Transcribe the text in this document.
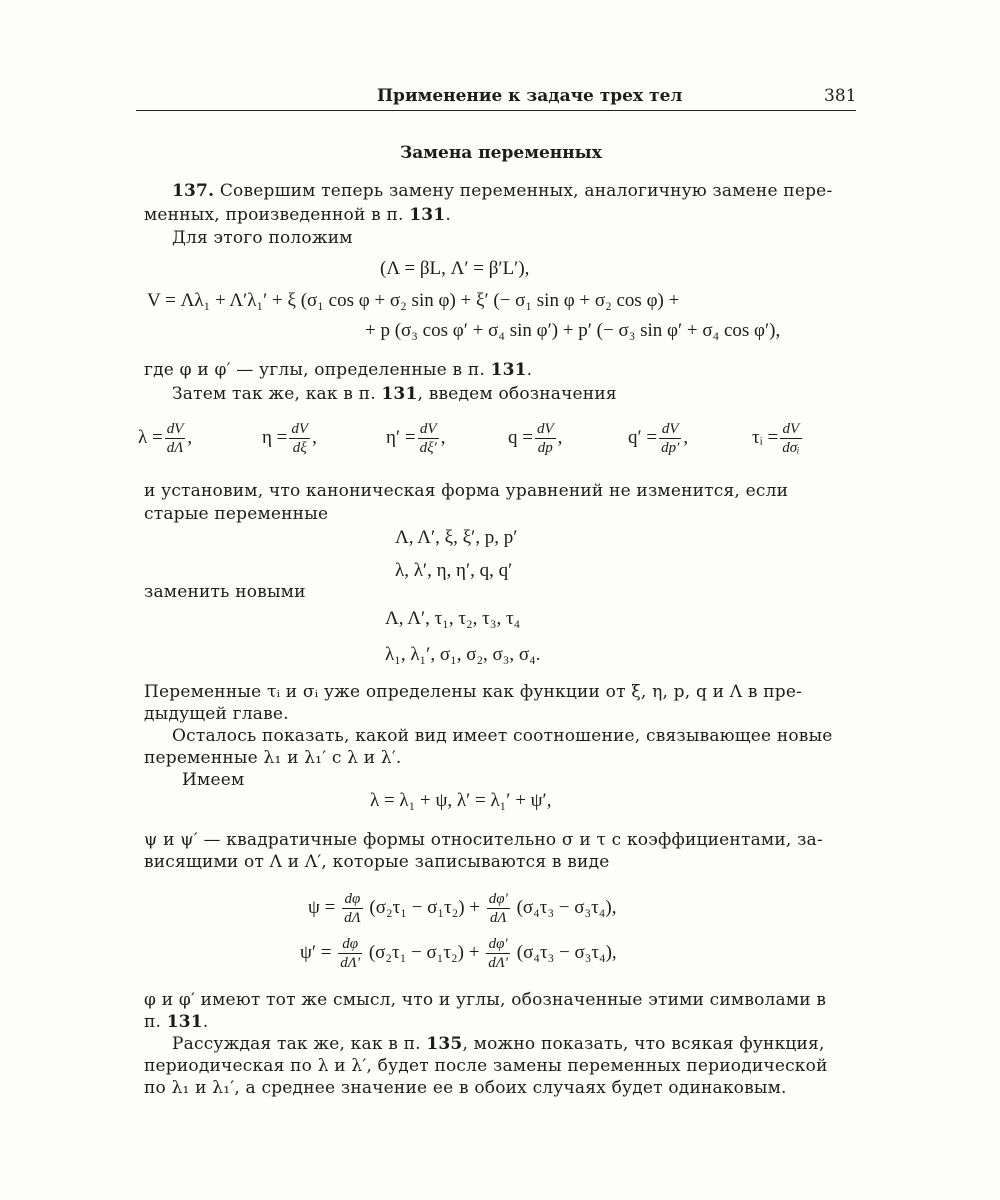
Применение к задаче трех тел	381
Замена переменных
137. Совершим теперь замену переменных, аналогичную замене пере-
менных, произведенной в п. 131.
Для этого положим
(Λ = βL, Λ′ = β′L′),
V = Λλ₁ + Λ′λ₁′ + ξ (σ₁ cos φ + σ₂ sin φ) + ξ′ (− σ₁ sin φ + σ₂ cos φ) +
+ p (σ₃ cos φ′ + σ₄ sin φ′) + p′ (− σ₃ sin φ′ + σ₄ cos φ′),
где φ и φ′ — углы, определенные в п. 131.
Затем так же, как в п. 131, введем обозначения
$\lambda = \frac{dV}{d\Lambda}$ ,	$\eta = \frac{dV}{d\xi}$ ,	$\eta' = \frac{dV}{d\xi'}$ ,	$q = \frac{dV}{dp}$ ,	$q' = \frac{dV}{dp'}$ ,	τᵢ = $\frac{dV}{\text{dσᵢ}}$
и установим, что каноническая форма уравнений не изменится, если
старые переменные
Λ, Λ′, ξ, ξ′, p, p′
λ, λ′, η, η′, q, q′
заменить новыми
Λ, Λ′, τ₁, τ₂, τ₃, τ₄
λ₁, λ₁′, σ₁, σ₂, σ₃, σ₄.
Переменные τᵢ и σᵢ уже определены как функции от ξ, η, p, q и Λ в пре-
дыдущей главе.
Осталось показать, какой вид имеет соотношение, связывающее новые
переменные λ₁ и λ₁′ с λ и λ′.
Имеем
λ = λ₁ + ψ, λ′ = λ₁′ + ψ′,
ψ и ψ′ — квадратичные формы относительно σ и τ с коэффициентами, за-
висящими от Λ и Λ′, которые записываются в виде
$\psi = \frac{d\varphi}{d\Lambda} (\sigma_2\tau_1 - \sigma_1\tau_2) + \frac{d\varphi'}{d\Lambda} (\sigma_4\tau_3 - \sigma_3\tau_4)$,
$\psi' = \frac{d\varphi}{d\Lambda'} (\sigma_2\tau_1 - \sigma_1\tau_2) + \frac{d\varphi'}{d\Lambda'} (\sigma_4\tau_3 - \sigma_3\tau_4)$,
φ и φ′ имеют тот же смысл, что и углы, обозначенные этими символами в
п. 131.
Рассуждая так же, как в п. 135, можно показать, что всякая функция,
периодическая по λ и λ′, будет после замены переменных периодической
по λ₁ и λ₁′, а среднее значение ее в обоих случаях будет одинаковым.
